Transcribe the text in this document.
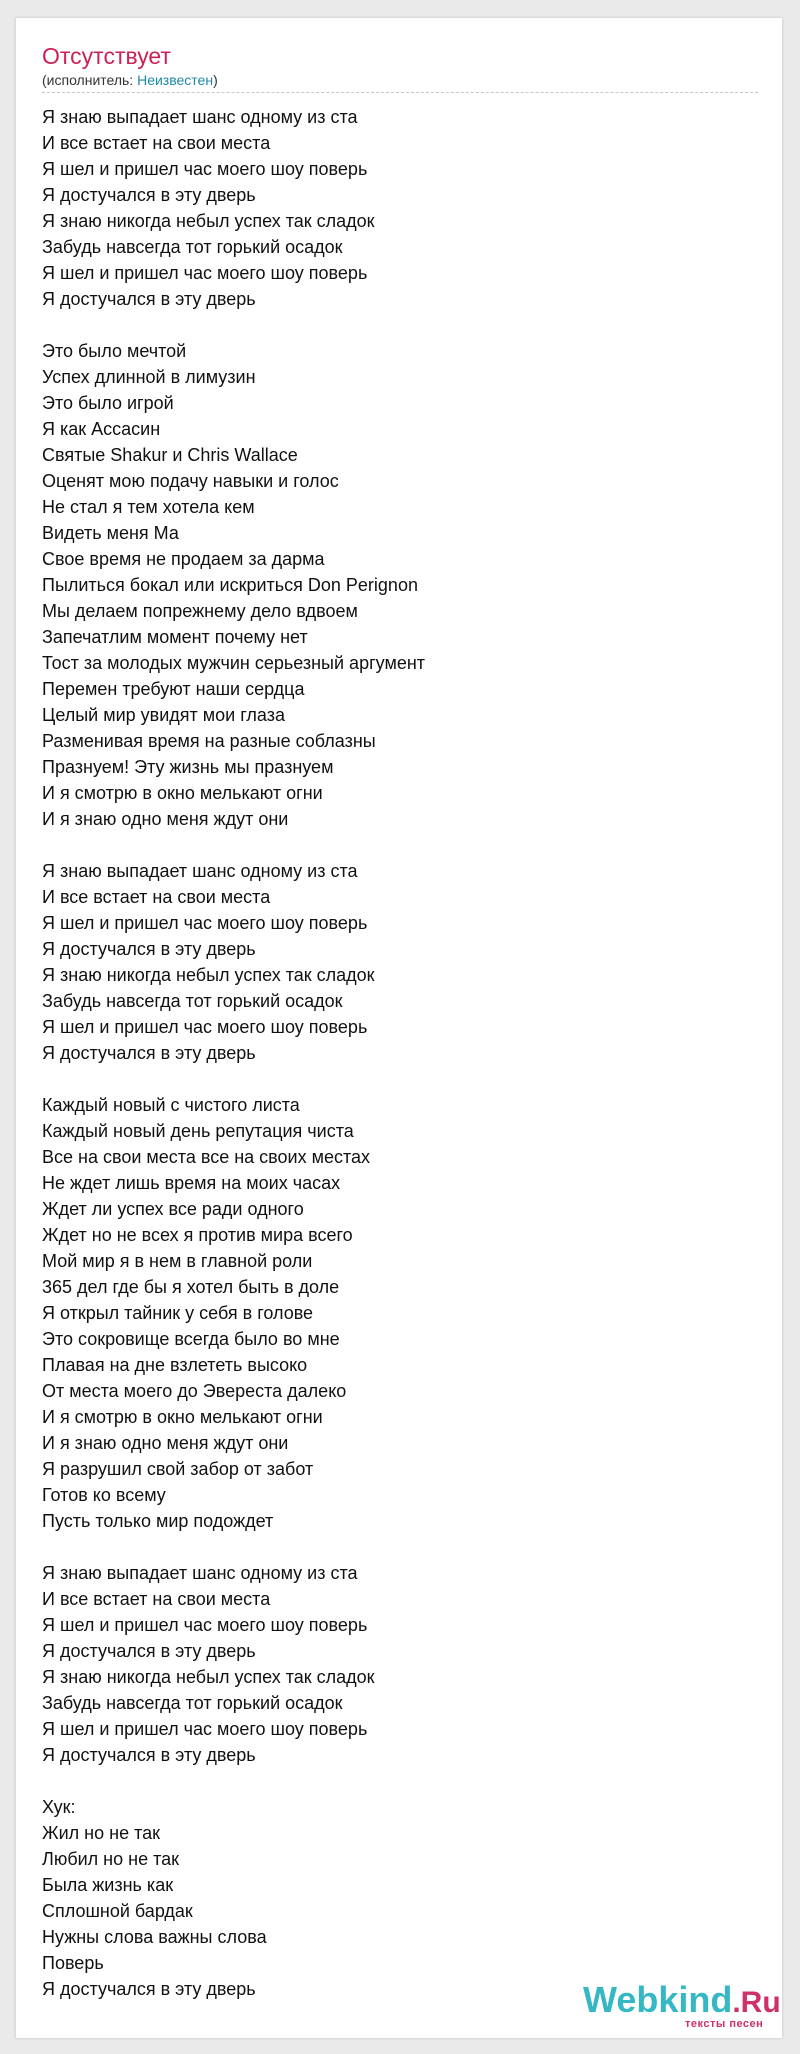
Отсутствует
(исполнитель: Неизвестен)
Я знаю выпадает шанс одному из ста
И все встает на свои места
Я шел и пришел час моего шоу поверь
Я достучался в эту дверь
Я знаю никогда небыл успех так сладок
Забудь навсегда тот горький осадок
Я шел и пришел час моего шоу поверь
Я достучался в эту дверь
Это было мечтой
Успех длинной в лимузин
Это было игрой
Я как Ассасин
Святые Shakur и Chris Wallace
Оценят мою подачу навыки и голос
Не стал я тем хотела кем
Видеть меня Ма
Свое время не продаем за дарма
Пылиться бокал или искриться Don Perignon
Мы делаем попрежнему дело вдвоем
Запечатлим момент почему нет
Тост за молодых мужчин серьезный аргумент
Перемен требуют наши сердца
Целый мир увидят мои глаза
Разменивая время на разные соблазны
Празнуем! Эту жизнь мы празнуем
И я смотрю в окно мелькают огни
И я знаю одно меня ждут они
Я знаю выпадает шанс одному из ста
И все встает на свои места
Я шел и пришел час моего шоу поверь
Я достучался в эту дверь
Я знаю никогда небыл успех так сладок
Забудь навсегда тот горький осадок
Я шел и пришел час моего шоу поверь
Я достучался в эту дверь
Каждый новый с чистого листа
Каждый новый день репутация чиста
Все на свои места все на своих местах
Не ждет лишь время на моих часах
Ждет ли успех все ради одного
Ждет но не всех я против мира всего
Мой мир я в нем в главной роли
365 дел где бы я хотел быть в доле
Я открыл тайник у себя в голове
Это сокровище всегда было во мне
Плавая на дне взлететь высоко
От места моего до Эвереста далеко
И я смотрю в окно мелькают огни
И я знаю одно меня ждут они
Я разрушил свой забор от забот
Готов ко всему
Пусть только мир подождет
Я знаю выпадает шанс одному из ста
И все встает на свои места
Я шел и пришел час моего шоу поверь
Я достучался в эту дверь
Я знаю никогда небыл успех так сладок
Забудь навсегда тот горький осадок
Я шел и пришел час моего шоу поверь
Я достучался в эту дверь
Хук:
Жил но не так
Любил но не так
Была жизнь как
Сплошной бардак
Нужны слова важны слова
Поверь
Я достучался в эту дверь	Webkind.Ru
тексты песен
